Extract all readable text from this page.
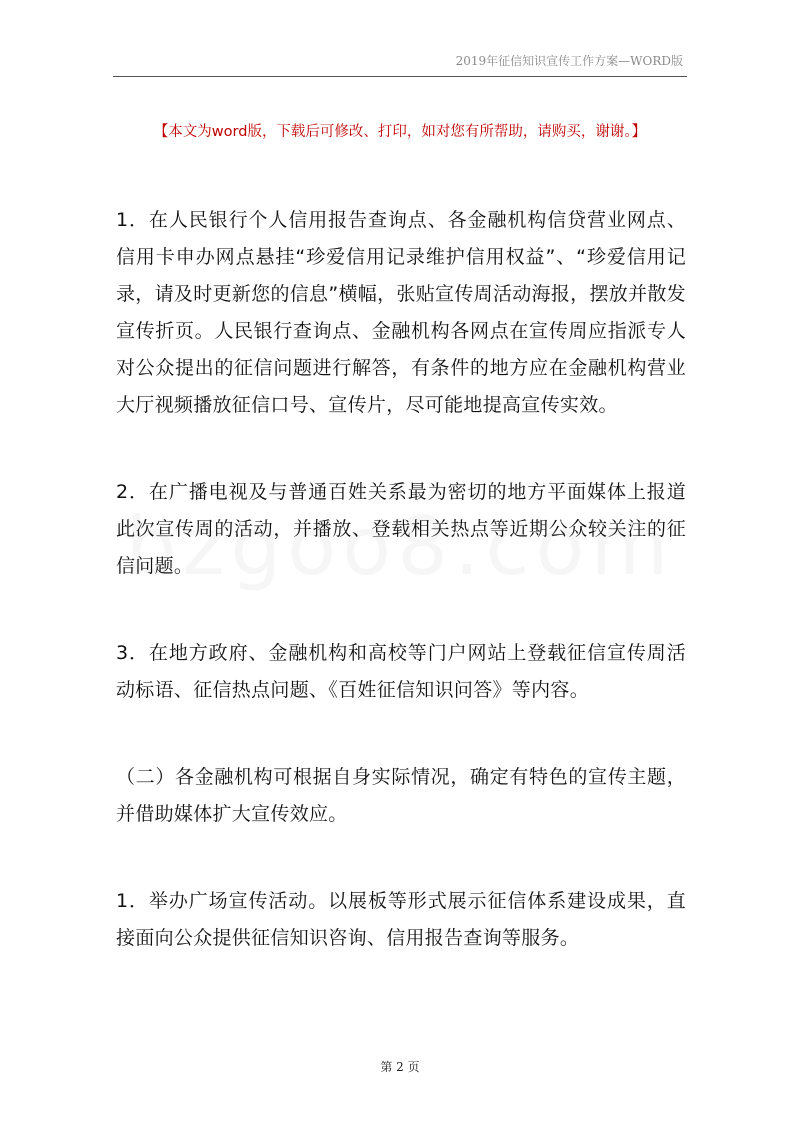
2019年征信知识宣传工作方案—WORD版
【本文为word版，下载后可修改、打印，如对您有所帮助，请购买，谢谢。】

1．在人民银行个人信用报告查询点、各金融机构信贷营业网点、信用卡申办网点悬挂“珍爱信用记录维护信用权益”、“珍爱信用记录，请及时更新您的信息”横幅，张贴宣传周活动海报，摆放并散发宣传折页。人民银行查询点、金融机构各网点在宣传周应指派专人对公众提出的征信问题进行解答，有条件的地方应在金融机构营业大厅视频播放征信口号、宣传片，尽可能地提高宣传实效。

2．在广播电视及与普通百姓关系最为密切的地方平面媒体上报道此次宣传周的活动，并播放、登载相关热点等近期公众较关注的征信问题。

3．在地方政府、金融机构和高校等门户网站上登载征信宣传周活动标语、征信热点问题、《百姓征信知识问答》等内容。

（二）各金融机构可根据自身实际情况，确定有特色的宣传主题，并借助媒体扩大宣传效应。

1．举办广场宣传活动。以展板等形式展示征信体系建设成果，直接面向公众提供征信知识咨询、信用报告查询等服务。

第 2 页
